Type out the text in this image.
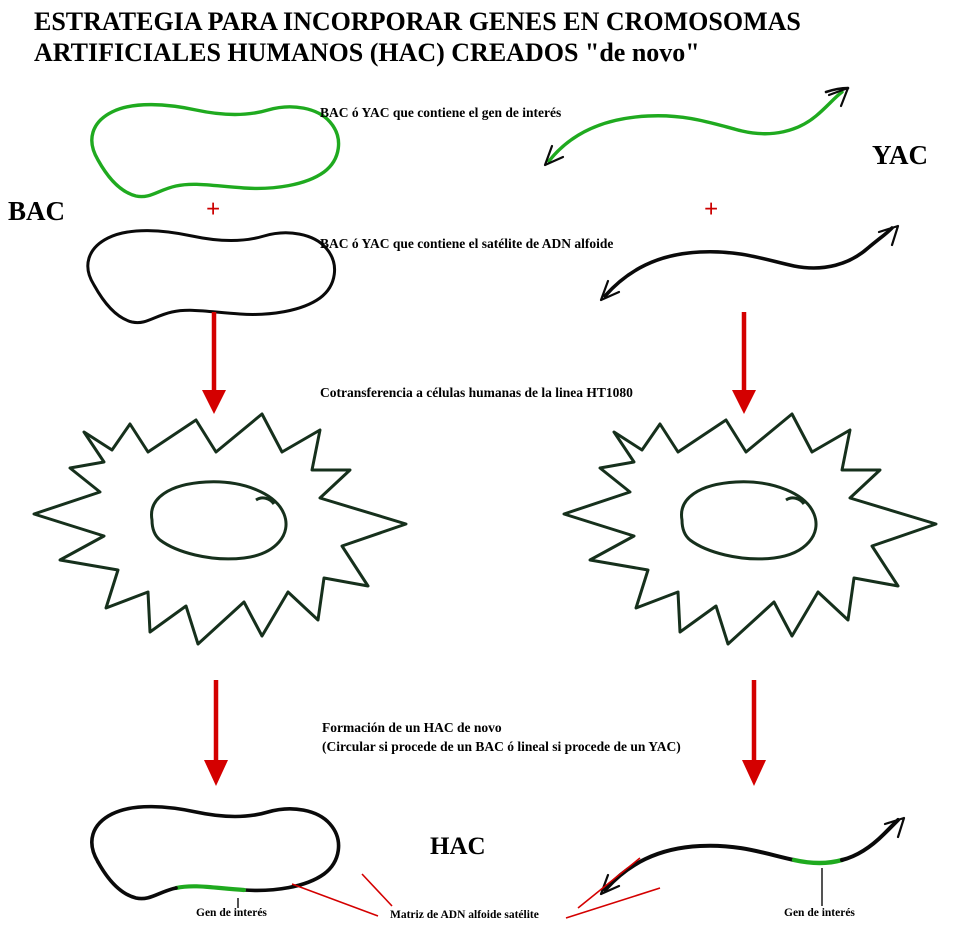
ESTRATEGIA PARA INCORPORAR GENES EN CROMOSOMAS ARTIFICIALES HUMANOS (HAC) CREADOS "de novo"
BAC
YAC
HAC
+	+
BAC ó YAC que contiene el gen de interés
BAC ó YAC que contiene el satélite de ADN alfoide
Cotransferencia a células humanas de la linea HT1080
Formación de un HAC de novo
(Circular si procede de un BAC ó lineal si procede de un YAC)
Gen de interés	Gen de interés
Matriz de ADN alfoide satélite
